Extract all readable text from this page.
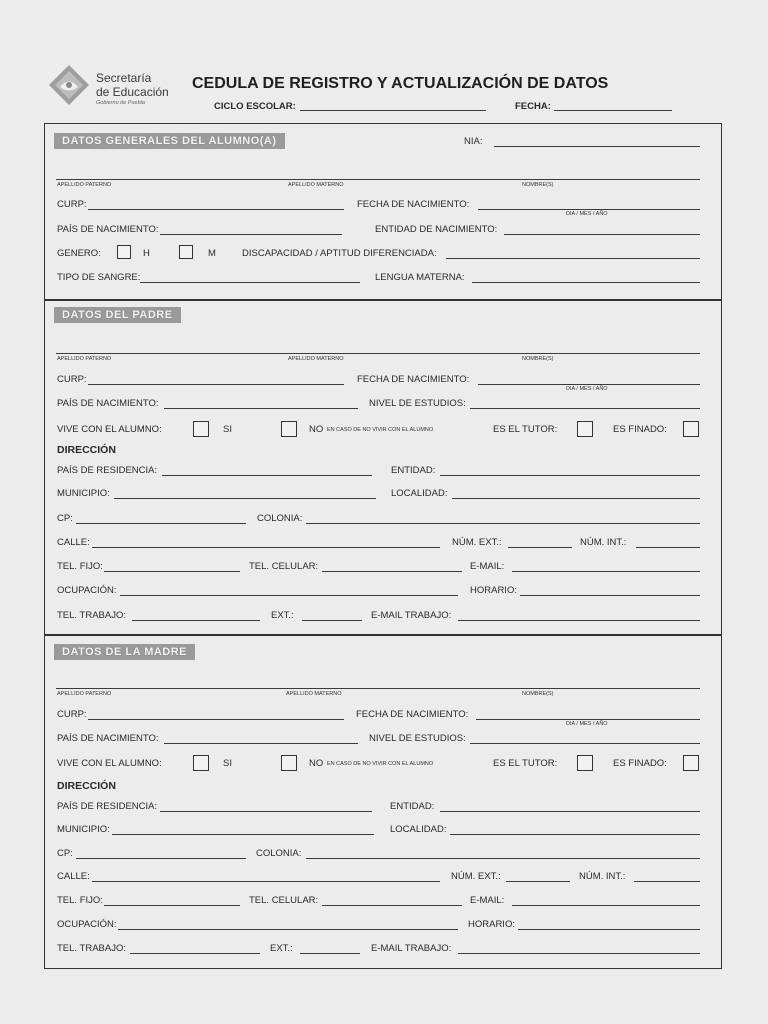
Secretaría
de Educación
Gobierno de Puebla
CEDULA DE REGISTRO Y ACTUALIZACIÓN DE DATOS
CICLO ESCOLAR:	FECHA:
DATOS GENERALES DEL ALUMNO(A)	NIA:
APELLIDO PATERNO	APELLIDO MATERNO	NOMBRE(S)
CURP:	FECHA DE NACIMIENTO:
DIA / MES / AÑO
PAÍS DE NACIMIENTO:	ENTIDAD DE NACIMIENTO:
GENERO:	H	M	DISCAPACIDAD / APTITUD DIFERENCIADA:
TIPO DE SANGRE:	LENGUA MATERNA:
DATOS DEL PADRE
APELLIDO PATERNO	APELLIDO MATERNO	NOMBRE(S)
CURP:	FECHA DE NACIMIENTO:
DIA / MES / AÑO
PAÍS DE NACIMIENTO:	NIVEL DE ESTUDIOS:
VIVE CON EL ALUMNO:	SI	NO EN CASO DE NO VIVIR CON EL ALUMNO	ES EL TUTOR:	ES FINADO:
DIRECCIÓN
PAÍS DE RESIDENCIA:	ENTIDAD:
MUNICIPIO:	LOCALIDAD:
CP:	COLONIA:
CALLE:	NÚM. EXT.:	NÚM. INT.:
TEL. FIJO:	TEL. CELULAR:	E-MAIL:
OCUPACIÓN:	HORARIO:
TEL. TRABAJO:	EXT.:	E-MAIL TRABAJO:
DATOS DE LA MADRE
APELLIDO PATERNO	APELLIDO MATERNO	NOMBRE(S)
CURP:	FECHA DE NACIMIENTO:
DIA / MES / AÑO
PAÍS DE NACIMIENTO:	NIVEL DE ESTUDIOS:
VIVE CON EL ALUMNO:	SI	NO EN CASO DE NO VIVIR CON EL ALUMNO	ES EL TUTOR:	ES FINADO:
DIRECCIÓN
PAÍS DE RESIDENCIA:	ENTIDAD:
MUNICIPIO:	LOCALIDAD:
CP:	COLONIA:
CALLE:	NÚM. EXT.:	NÚM. INT.:
TEL. FIJO:	TEL. CELULAR:	E-MAIL:
OCUPACIÓN:	HORARIO:
TEL. TRABAJO:	EXT.:	E-MAIL TRABAJO:
